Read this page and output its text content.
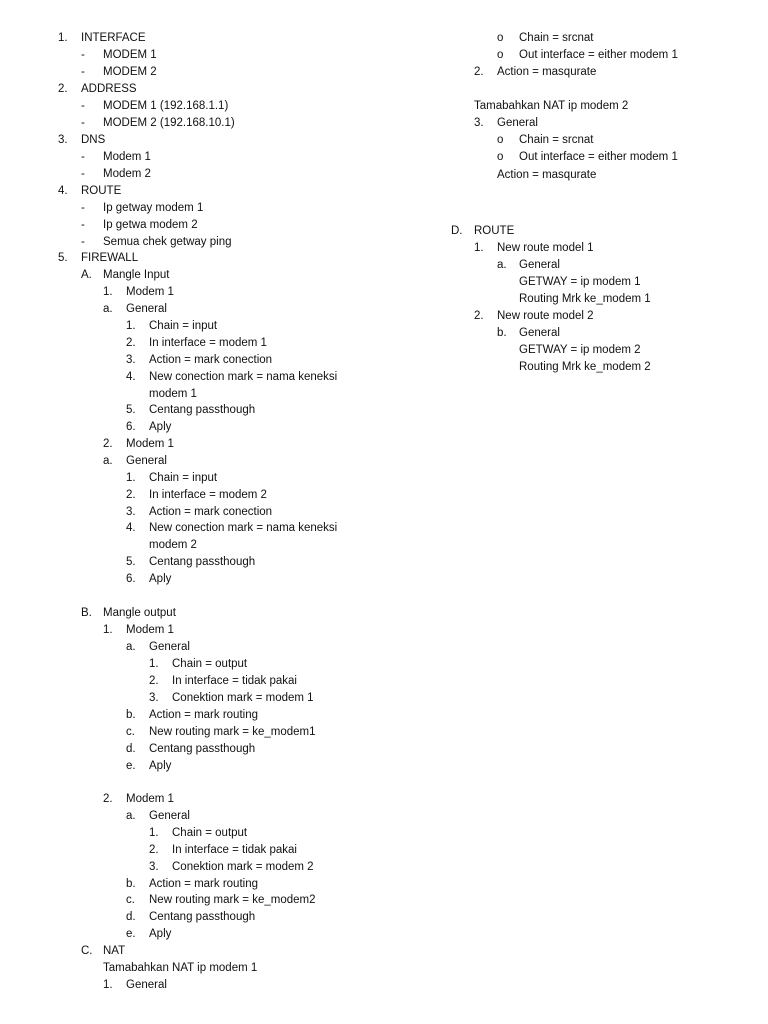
1. INTERFACE
- MODEM 1
- MODEM 2
2. ADDRESS
- MODEM 1 (192.168.1.1)
- MODEM 2 (192.168.10.1)
3. DNS
- Modem 1
- Modem 2
4. ROUTE
- Ip getway modem 1
- Ip getwa modem 2
- Semua chek getway ping
5. FIREWALL
A. Mangle Input
1. Modem 1
a. General
1. Chain = input
2. In interface = modem 1
3. Action = mark conection
4. New conection mark = nama keneksi
modem 1
5. Centang passthough
6. Aply
2. Modem 1
a. General
1. Chain = input
2. In interface = modem 2
3. Action = mark conection
4. New conection mark = nama keneksi
modem 2
5. Centang passthough
6. Aply
B. Mangle output
1. Modem 1
a. General
1. Chain = output
2. In interface = tidak pakai
3. Conektion mark = modem 1
b. Action = mark routing
c. New routing mark = ke_modem1
d. Centang passthough
e. Aply
2. Modem 1
a. General
1. Chain = output
2. In interface = tidak pakai
3. Conektion mark = modem 2
b. Action = mark routing
c. New routing mark = ke_modem2
d. Centang passthough
e. Aply
C. NAT
Tamabahkan NAT ip modem 1
1. General
o Chain = srcnat
o Out interface = either modem 1
2. Action = masqurate
Tamabahkan NAT ip modem 2
3. General
o Chain = srcnat
o Out interface = either modem 1
Action = masqurate
D. ROUTE
1. New route model 1
a. General
GETWAY = ip modem 1
Routing Mrk ke_modem 1
2. New route model 2
b. General
GETWAY = ip modem 2
Routing Mrk ke_modem 2
